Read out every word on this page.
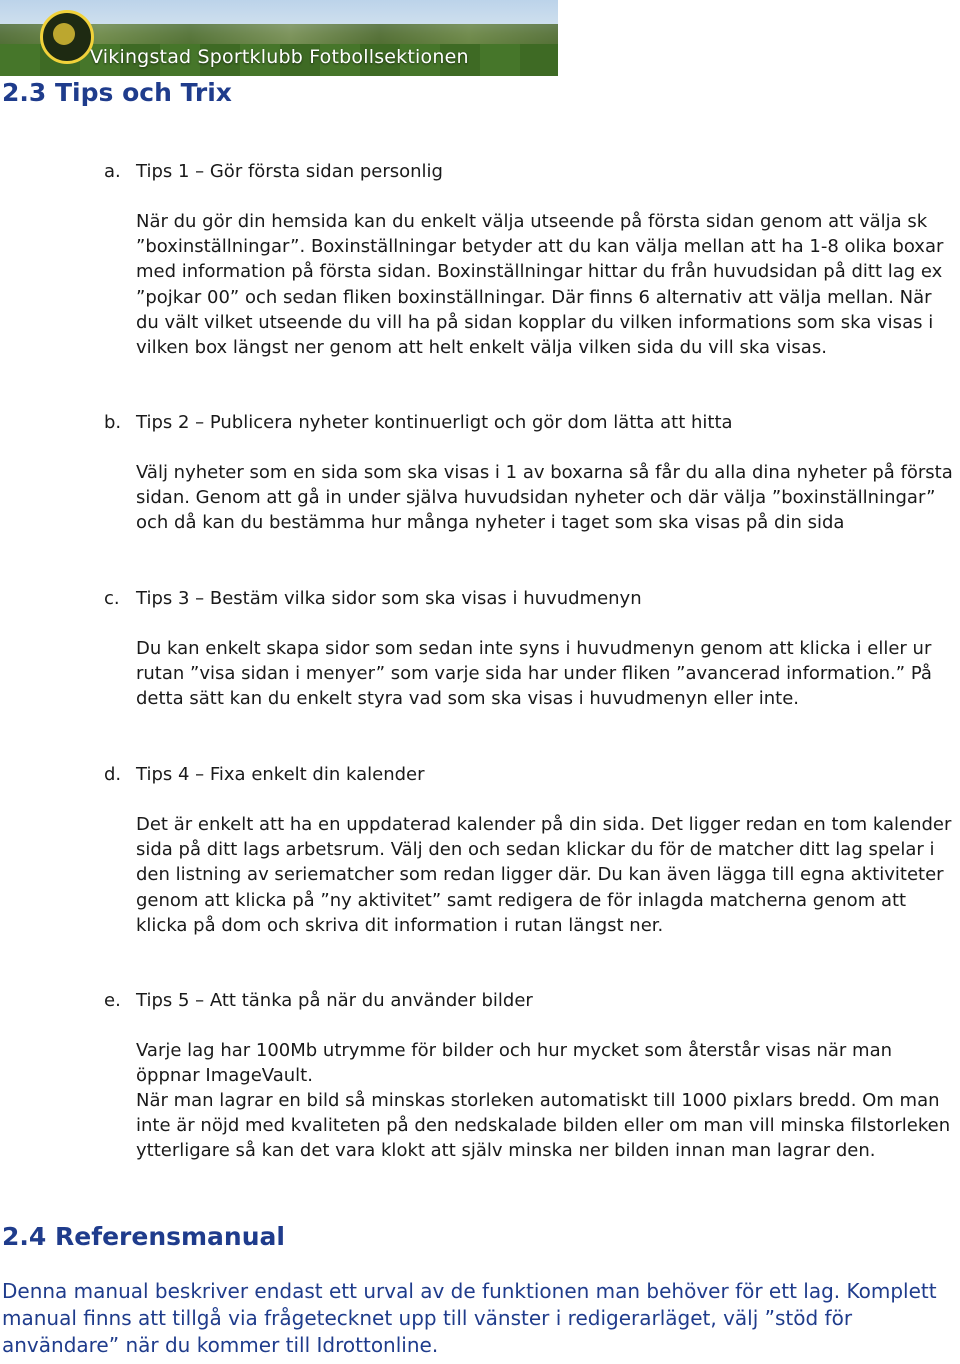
Vikingstad Sportklubb Fotbollsektionen
2.3 Tips och Trix
a. Tips 1 – Gör första sidan personlig

När du gör din hemsida kan du enkelt välja utseende på första sidan genom att välja sk ”boxinställningar”. Boxinställningar betyder att du kan välja mellan att ha 1-8 olika boxar med information på första sidan. Boxinställningar hittar du från huvudsidan på ditt lag ex ”pojkar 00” och sedan fliken boxinställningar. Där finns 6 alternativ att välja mellan. När du vält vilket utseende du vill ha på sidan kopplar du vilken informations som ska visas i vilken box längst ner genom att helt enkelt välja vilken sida du vill ska visas.

b. Tips 2 – Publicera nyheter kontinuerligt och gör dom lätta att hitta

Välj nyheter som en sida som ska visas i 1 av boxarna så får du alla dina nyheter på första sidan. Genom att gå in under själva huvudsidan nyheter och där välja ”boxinställningar” och då kan du bestämma hur många nyheter i taget som ska visas på din sida

c. Tips 3 – Bestäm vilka sidor som ska visas i huvudmenyn

Du kan enkelt skapa sidor som sedan inte syns i huvudmenyn genom att klicka i eller ur rutan ”visa sidan i menyer” som varje sida har under fliken ”avancerad information.” På detta sätt kan du enkelt styra vad som ska visas i huvudmenyn eller inte.

d. Tips 4 – Fixa enkelt din kalender

Det är enkelt att ha en uppdaterad kalender på din sida. Det ligger redan en tom kalender sida på ditt lags arbetsrum. Välj den och sedan klickar du för de matcher ditt lag spelar i den listning av seriematcher som redan ligger där. Du kan även lägga till egna aktiviteter genom att klicka på ”ny aktivitet” samt redigera de för inlagda matcherna genom att klicka på dom och skriva dit information i rutan längst ner.

e. Tips 5 – Att tänka på när du använder bilder

Varje lag har 100Mb utrymme för bilder och hur mycket som återstår visas när man öppnar ImageVault.

När man lagrar en bild så minskas storleken automatiskt till 1000 pixlars bredd. Om man inte är nöjd med kvaliteten på den nedskalade bilden eller om man vill minska filstorleken ytterligare så kan det vara klokt att själv minska ner bilden innan man lagrar den.

2.4 Referensmanual

Denna manual beskriver endast ett urval av de funktionen man behöver för ett lag. Komplett manual finns att tillgå via frågetecknet upp till vänster i redigerarläget, välj ”stöd för användare” när du kommer till Idrottonline.
